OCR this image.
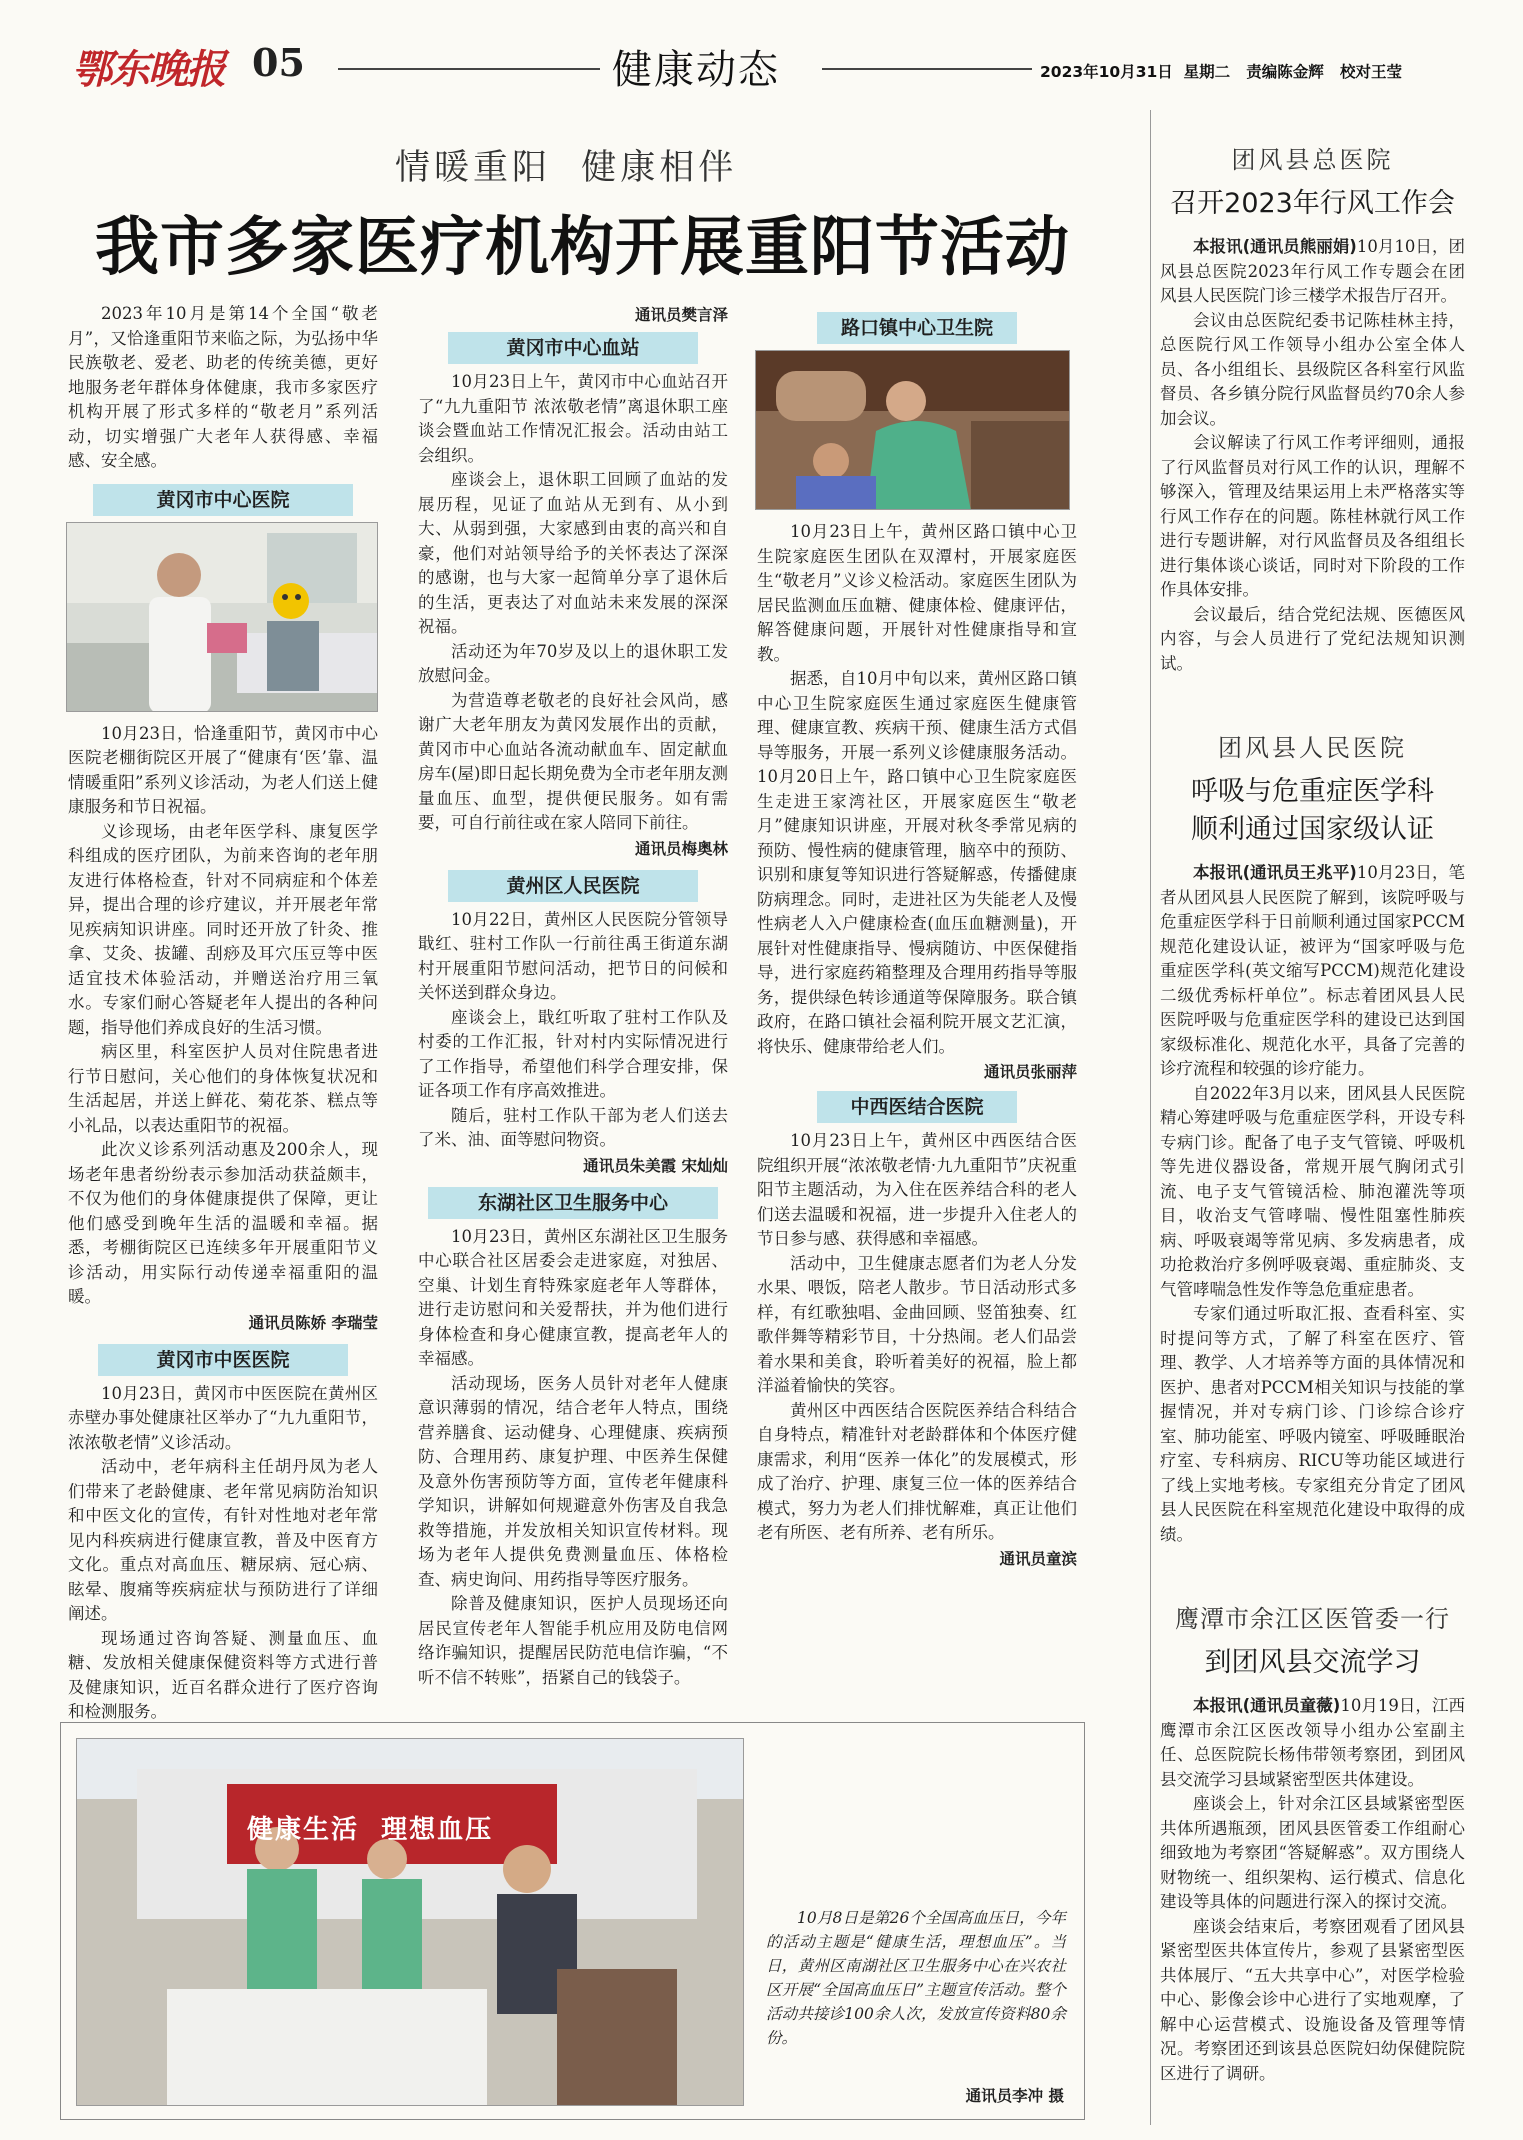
鄂东晚报 05	健康动态	2023年10月31日 星期二 责编陈金辉 校对王莹
情暖重阳  健康相伴
我市多家医疗机构开展重阳节活动

2023年10月是第14个全国“敬老月”，又恰逢重阳节来临之际，为弘扬中华民族敬老、爱老、助老的传统美德，更好地服务老年群体身体健康，我市多家医疗机构开展了形式多样的“敬老月”系列活动，切实增强广大老年人获得感、幸福感、安全感。

黄冈市中心医院

10月23日，恰逢重阳节，黄冈市中心医院老棚街院区开展了“健康有‘医’靠、温情暖重阳”系列义诊活动，为老人们送上健康服务和节日祝福。

义诊现场，由老年医学科、康复医学科组成的医疗团队，为前来咨询的老年朋友进行体格检查，针对不同病症和个体差异，提出合理的诊疗建议，并开展老年常见疾病知识讲座。同时还开放了针灸、推拿、艾灸、拔罐、刮痧及耳穴压豆等中医适宜技术体验活动，并赠送治疗用三氧水。专家们耐心答疑老年人提出的各种问题，指导他们养成良好的生活习惯。

病区里，科室医护人员对住院患者进行节日慰问，关心他们的身体恢复状况和生活起居，并送上鲜花、菊花茶、糕点等小礼品，以表达重阳节的祝福。

此次义诊系列活动惠及200余人，现场老年患者纷纷表示参加活动获益颇丰，不仅为他们的身体健康提供了保障，更让他们感受到晚年生活的温暖和幸福。据悉，考棚街院区已连续多年开展重阳节义诊活动，用实际行动传递幸福重阳的温暖。

通讯员陈娇 李瑞莹
黄冈市中医医院

10月23日，黄冈市中医医院在黄州区赤壁办事处健康社区举办了“九九重阳节，浓浓敬老情”义诊活动。

活动中，老年病科主任胡丹凤为老人们带来了老龄健康、老年常见病防治知识和中医文化的宣传，有针对性地对老年常见内科疾病进行健康宣教，普及中医育方文化。重点对高血压、糖尿病、冠心病、眩晕、腹痛等疾病症状与预防进行了详细阐述。

现场通过咨询答疑、测量血压、血糖、发放相关健康保健资料等方式进行普及健康知识，近百名群众进行了医疗咨询和检测服务。

通讯员樊言泽
黄冈市中心血站

10月23日上午，黄冈市中心血站召开了“九九重阳节 浓浓敬老情”离退休职工座谈会暨血站工作情况汇报会。活动由站工会组织。

座谈会上，退休职工回顾了血站的发展历程，见证了血站从无到有、从小到大、从弱到强，大家感到由衷的高兴和自豪，他们对站领导给予的关怀表达了深深的感谢，也与大家一起简单分享了退休后的生活，更表达了对血站未来发展的深深祝福。

活动还为年70岁及以上的退休职工发放慰问金。

为营造尊老敬老的良好社会风尚，感谢广大老年朋友为黄冈发展作出的贡献，黄冈市中心血站各流动献血车、固定献血房车(屋)即日起长期免费为全市老年朋友测量血压、血型，提供便民服务。如有需要，可自行前往或在家人陪同下前往。

通讯员梅奥林
黄州区人民医院

10月22日，黄州区人民医院分管领导戢红、驻村工作队一行前往禹王街道东湖村开展重阳节慰问活动，把节日的问候和关怀送到群众身边。

座谈会上，戢红听取了驻村工作队及村委的工作汇报，针对村内实际情况进行了工作指导，希望他们科学合理安排，保证各项工作有序高效推进。

随后，驻村工作队干部为老人们送去了米、油、面等慰问物资。

通讯员朱美霞 宋灿灿
东湖社区卫生服务中心

10月23日，黄州区东湖社区卫生服务中心联合社区居委会走进家庭，对独居、空巢、计划生育特殊家庭老年人等群体，进行走访慰问和关爱帮扶，并为他们进行身体检查和身心健康宣教，提高老年人的幸福感。

活动现场，医务人员针对老年人健康意识薄弱的情况，结合老年人特点，围绕营养膳食、运动健身、心理健康、疾病预防、合理用药、康复护理、中医养生保健及意外伤害预防等方面，宣传老年健康科学知识，讲解如何规避意外伤害及自我急救等措施，并发放相关知识宣传材料。现场为老年人提供免费测量血压、体格检查、病史询问、用药指导等医疗服务。

除普及健康知识，医护人员现场还向居民宣传老年人智能手机应用及防电信网络诈骗知识，提醒居民防范电信诈骗，“不听不信不转账”，捂紧自己的钱袋子。

路口镇中心卫生院

10月23日上午，黄州区路口镇中心卫生院家庭医生团队在双潭村，开展家庭医生“敬老月”义诊义检活动。家庭医生团队为居民监测血压血糖、健康体检、健康评估，解答健康问题，开展针对性健康指导和宣教。

据悉，自10月中旬以来，黄州区路口镇中心卫生院家庭医生通过家庭医生健康管理、健康宣教、疾病干预、健康生活方式倡导等服务，开展一系列义诊健康服务活动。10月20日上午，路口镇中心卫生院家庭医生走进王家湾社区，开展家庭医生“敬老月”健康知识讲座，开展对秋冬季常见病的预防、慢性病的健康管理，脑卒中的预防、识别和康复等知识进行答疑解惑，传播健康防病理念。同时，走进社区为失能老人及慢性病老人入户健康检查(血压血糖测量)，开展针对性健康指导、慢病随访、中医保健指导，进行家庭药箱整理及合理用药指导等服务，提供绿色转诊通道等保障服务。联合镇政府，在路口镇社会福利院开展文艺汇演，将快乐、健康带给老人们。

通讯员张丽萍
中西医结合医院

10月23日上午，黄州区中西医结合医院组织开展“浓浓敬老情·九九重阳节”庆祝重阳节主题活动，为入住在医养结合科的老人们送去温暖和祝福，进一步提升入住老人的节日参与感、获得感和幸福感。

活动中，卫生健康志愿者们为老人分发水果、喂饭，陪老人散步。节日活动形式多样，有红歌独唱、金曲回顾、竖笛独奏、红歌伴舞等精彩节目，十分热闹。老人们品尝着水果和美食，聆听着美好的祝福，脸上都洋溢着愉快的笑容。

黄州区中西医结合医院医养结合科结合自身特点，精准针对老龄群体和个体医疗健康需求，利用“医养一体化”的发展模式，形成了治疗、护理、康复三位一体的医养结合模式，努力为老人们排忧解难，真正让他们老有所医、老有所养、老有所乐。

通讯员童滨
健康生活  理想血压

10月8日是第26个全国高血压日，今年的活动主题是“健康生活，理想血压”。当日，黄州区南湖社区卫生服务中心在兴农社区开展“全国高血压日”主题宣传活动。整个活动共接诊100余人次，发放宣传资料80余份。

通讯员李冲 摄
团风县总医院
召开2023年行风工作会

本报讯(通讯员熊丽娟)10月10日，团风县总医院2023年行风工作专题会在团风县人民医院门诊三楼学术报告厅召开。

会议由总医院纪委书记陈桂林主持，总医院行风工作领导小组办公室全体人员、各小组组长、县级院区各科室行风监督员、各乡镇分院行风监督员约70余人参加会议。

会议解读了行风工作考评细则，通报了行风监督员对行风工作的认识，理解不够深入，管理及结果运用上未严格落实等行风工作存在的问题。陈桂林就行风工作进行专题讲解，对行风监督员及各组组长进行集体谈心谈话，同时对下阶段的工作作具体安排。

会议最后，结合党纪法规、医德医风内容，与会人员进行了党纪法规知识测试。

团风县人民医院
呼吸与危重症医学科
顺利通过国家级认证

本报讯(通讯员王兆平)10月23日，笔者从团风县人民医院了解到，该院呼吸与危重症医学科于日前顺利通过国家PCCM规范化建设认证，被评为“国家呼吸与危重症医学科(英文缩写PCCM)规范化建设二级优秀标杆单位”。标志着团风县人民医院呼吸与危重症医学科的建设已达到国家级标准化、规范化水平，具备了完善的诊疗流程和较强的诊疗能力。

自2022年3月以来，团风县人民医院精心筹建呼吸与危重症医学科，开设专科专病门诊。配备了电子支气管镜、呼吸机等先进仪器设备，常规开展气胸闭式引流、电子支气管镜活检、肺泡灌洗等项目，收治支气管哮喘、慢性阻塞性肺疾病、呼吸衰竭等常见病、多发病患者，成功抢救治疗多例呼吸衰竭、重症肺炎、支气管哮喘急性发作等急危重症患者。

专家们通过听取汇报、查看科室、实时提问等方式，了解了科室在医疗、管理、教学、人才培养等方面的具体情况和医护、患者对PCCM相关知识与技能的掌握情况，并对专病门诊、门诊综合诊疗室、肺功能室、呼吸内镜室、呼吸睡眠治疗室、专科病房、RICU等功能区域进行了线上实地考核。专家组充分肯定了团风县人民医院在科室规范化建设中取得的成绩。

鹰潭市余江区医管委一行
到团风县交流学习

本报讯(通讯员童薇)10月19日，江西鹰潭市余江区医改领导小组办公室副主任、总医院院长杨伟带领考察团，到团风县交流学习县域紧密型医共体建设。

座谈会上，针对余江区县域紧密型医共体所遇瓶颈，团风县医管委工作组耐心细致地为考察团“答疑解惑”。双方围绕人财物统一、组织架构、运行模式、信息化建设等具体的问题进行深入的探讨交流。

座谈会结束后，考察团观看了团风县紧密型医共体宣传片，参观了县紧密型医共体展厅、“五大共享中心”，对医学检验中心、影像会诊中心进行了实地观摩，了解中心运营模式、设施设备及管理等情况。考察团还到该县总医院妇幼保健院院区进行了调研。
